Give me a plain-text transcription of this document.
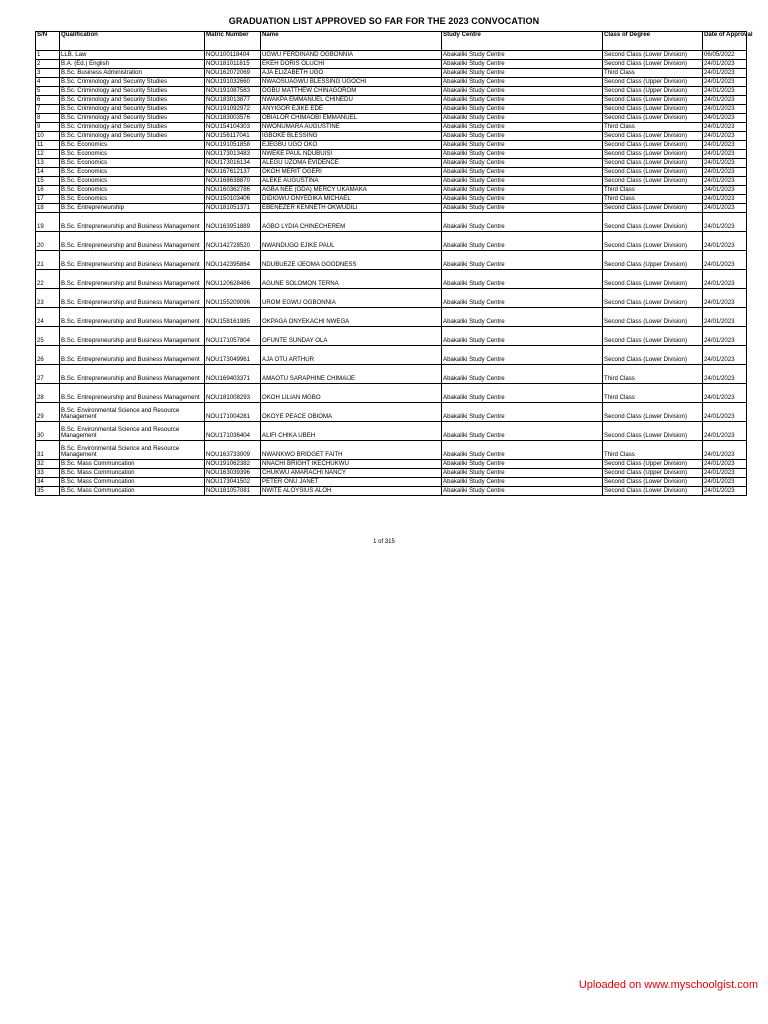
GRADUATION LIST APPROVED SO FAR FOR THE 2023 CONVOCATION
S/N	Qualification	Matric Number	Name	Study Centre	Class of Degree	Date of Approval
1	LLB. Law	NOU100118404	UGWU FERDINAND OGBONNIA	Abakaliki Study Centre	Second Class (Lower Division)	06/05/2022
2	B.A. (Ed.) English	NOU181011815	EKEH DORIS OLUCHI	Abakaliki Study Centre	Second Class (Lower Division)	24/01/2023
3	B.Sc. Business Administration	NOU162072069	AJA ELIZABETH UGO	Abakaliki Study Centre	Third Class	24/01/2023
4	B.Sc. Criminology and Security Studies	NOU191032660	NWAOSUAGWU BLESSING UGOCHI	Abakaliki Study Centre	Second Class (Upper Division)	24/01/2023
5	B.Sc. Criminology and Security Studies	NOU191087583	OGBU MATTHEW CHINAGOROM	Abakaliki Study Centre	Second Class (Upper Division)	24/01/2023
6	B.Sc. Criminology and Security Studies	NOU183013877	NWAKPA EMMANUEL CHINEDU	Abakaliki Study Centre	Second Class (Lower Division)	24/01/2023
7	B.Sc. Criminology and Security Studies	NOU191092972	ANYIGOR EJIKE EDE	Abakaliki Study Centre	Second Class (Lower Division)	24/01/2023
8	B.Sc. Criminology and Security Studies	NOU183003576	OBIALOR CHIMAOBI EMMANUEL	Abakaliki Study Centre	Second Class (Lower Division)	24/01/2023
9	B.Sc. Criminology and Security Studies	NOU154104303	NWONUMARA AUGUSTINE	Abakaliki Study Centre	Third Class	24/01/2023
10	B.Sc. Criminology and Security Studies	NOU156117041	IGBOKE BLESSING	Abakaliki Study Centre	Second Class (Lower Division)	24/01/2023
11	B.Sc. Economics	NOU191051858	EJEGBU UGO OKO	Abakaliki Study Centre	Second Class (Lower Division)	24/01/2023
12	B.Sc. Economics	NOU173013483	NWEKE PAUL NDUBUISI	Abakaliki Study Centre	Second Class (Lower Division)	24/01/2023
13	B.Sc. Economics	NOU173016134	ALEGU UZOMA EVIDENCE	Abakaliki Study Centre	Second Class (Lower Division)	24/01/2023
14	B.Sc. Economics	NOU167612137	OKOH MERIT OGERI	Abakaliki Study Centre	Second Class (Lower Division)	24/01/2023
15	B.Sc. Economics	NOU168638870	ALEKE AUGUSTINA	Abakaliki Study Centre	Second Class (Lower Division)	24/01/2023
16	B.Sc. Economics	NOU160362786	AGBA NEE (ODA) MERCY UKAMAKA	Abakaliki Study Centre	Third Class	24/01/2023
17	B.Sc. Economics	NOU150103406	DIDIGWU ONYEDIKA MICHAEL	Abakaliki Study Centre	Third Class	24/01/2023
18	B.Sc. Entrepreneurship	NOU181051371	EBENEZER KENNETH OKWUDILI	Abakaliki Study Centre	Second Class (Lower Division)	24/01/2023
19	B.Sc. Entrepreneurship and Business Management	NOU163951889	AGBO LYDIA CHINECHEREM	Abakaliki Study Centre	Second Class (Lower Division)	24/01/2023
20	B.Sc. Entrepreneurship and Business Management	NOU142728520	NWANDUGO EJIKE PAUL	Abakaliki Study Centre	Second Class (Lower Division)	24/01/2023
21	B.Sc. Entrepreneurship and Business Management	NOU142395864	NDUBUEZE IJEOMA GOODNESS	Abakaliki Study Centre	Second Class (Upper Division)	24/01/2023
22	B.Sc. Entrepreneurship and Business Management	NOU120628486	AGUNE SOLOMON TERNA	Abakaliki Study Centre	Second Class (Lower Division)	24/01/2023
23	B.Sc. Entrepreneurship and Business Management	NOU155209096	UROM EGWU OGBONNIA	Abakaliki Study Centre	Second Class (Lower Division)	24/01/2023
24	B.Sc. Entrepreneurship and Business Management	NOU158161985	OKPAGA ONYEKACHI NWEGA	Abakaliki Study Centre	Second Class (Lower Division)	24/01/2023
25	B.Sc. Entrepreneurship and Business Management	NOU171057804	OFUNTE SUNDAY OLA	Abakaliki Study Centre	Second Class (Lower Division)	24/01/2023
26	B.Sc. Entrepreneurship and Business Management	NOU173049961	AJA OTU ARTHUR	Abakaliki Study Centre	Second Class (Lower Division)	24/01/2023
27	B.Sc. Entrepreneurship and Business Management	NOU169403371	AMAOTU SARAPHINE CHIMAIJE	Abakaliki Study Centre	Third Class	24/01/2023
28	B.Sc. Entrepreneurship and Business Management	NOU181008293	OKOH LILIAN MGBO	Abakaliki Study Centre	Third Class	24/01/2023
29	B.Sc. Environmental Science and Resource Management	NOU171004281	OKOYE PEACE OBIOMA	Abakaliki Study Centre	Second Class (Lower Division)	24/01/2023
30	B.Sc. Environmental Science and Resource Management	NOU171036404	ALIFI CHIKA UBEH	Abakaliki Study Centre	Second Class (Lower Division)	24/01/2023
31	B.Sc. Environmental Science and Resource Management	NOU163733009	NWANKWO BRIDGET FAITH	Abakaliki Study Centre	Third Class	24/01/2023
32	B.Sc. Mass Communcation	NOU191062382	NNACHI BRIGHT IKECHUKWU	Abakaliki Study Centre	Second Class (Upper Division)	24/01/2023
33	B.Sc. Mass Communcation	NOU163039396	CHUKWU AMARACHI NANCY	Abakaliki Study Centre	Second Class (Upper Division)	24/01/2023
34	B.Sc. Mass Communcation	NOU173041502	PETER ONU JANET	Abakaliki Study Centre	Second Class (Lower Division)	24/01/2023
35	B.Sc. Mass Communcation	NOU181057081	NWITE ALOYSIUS ALOH	Abakaliki Study Centre	Second Class (Lower Division)	24/01/2023
1 of 315
Uploaded on www.myschoolgist.com
